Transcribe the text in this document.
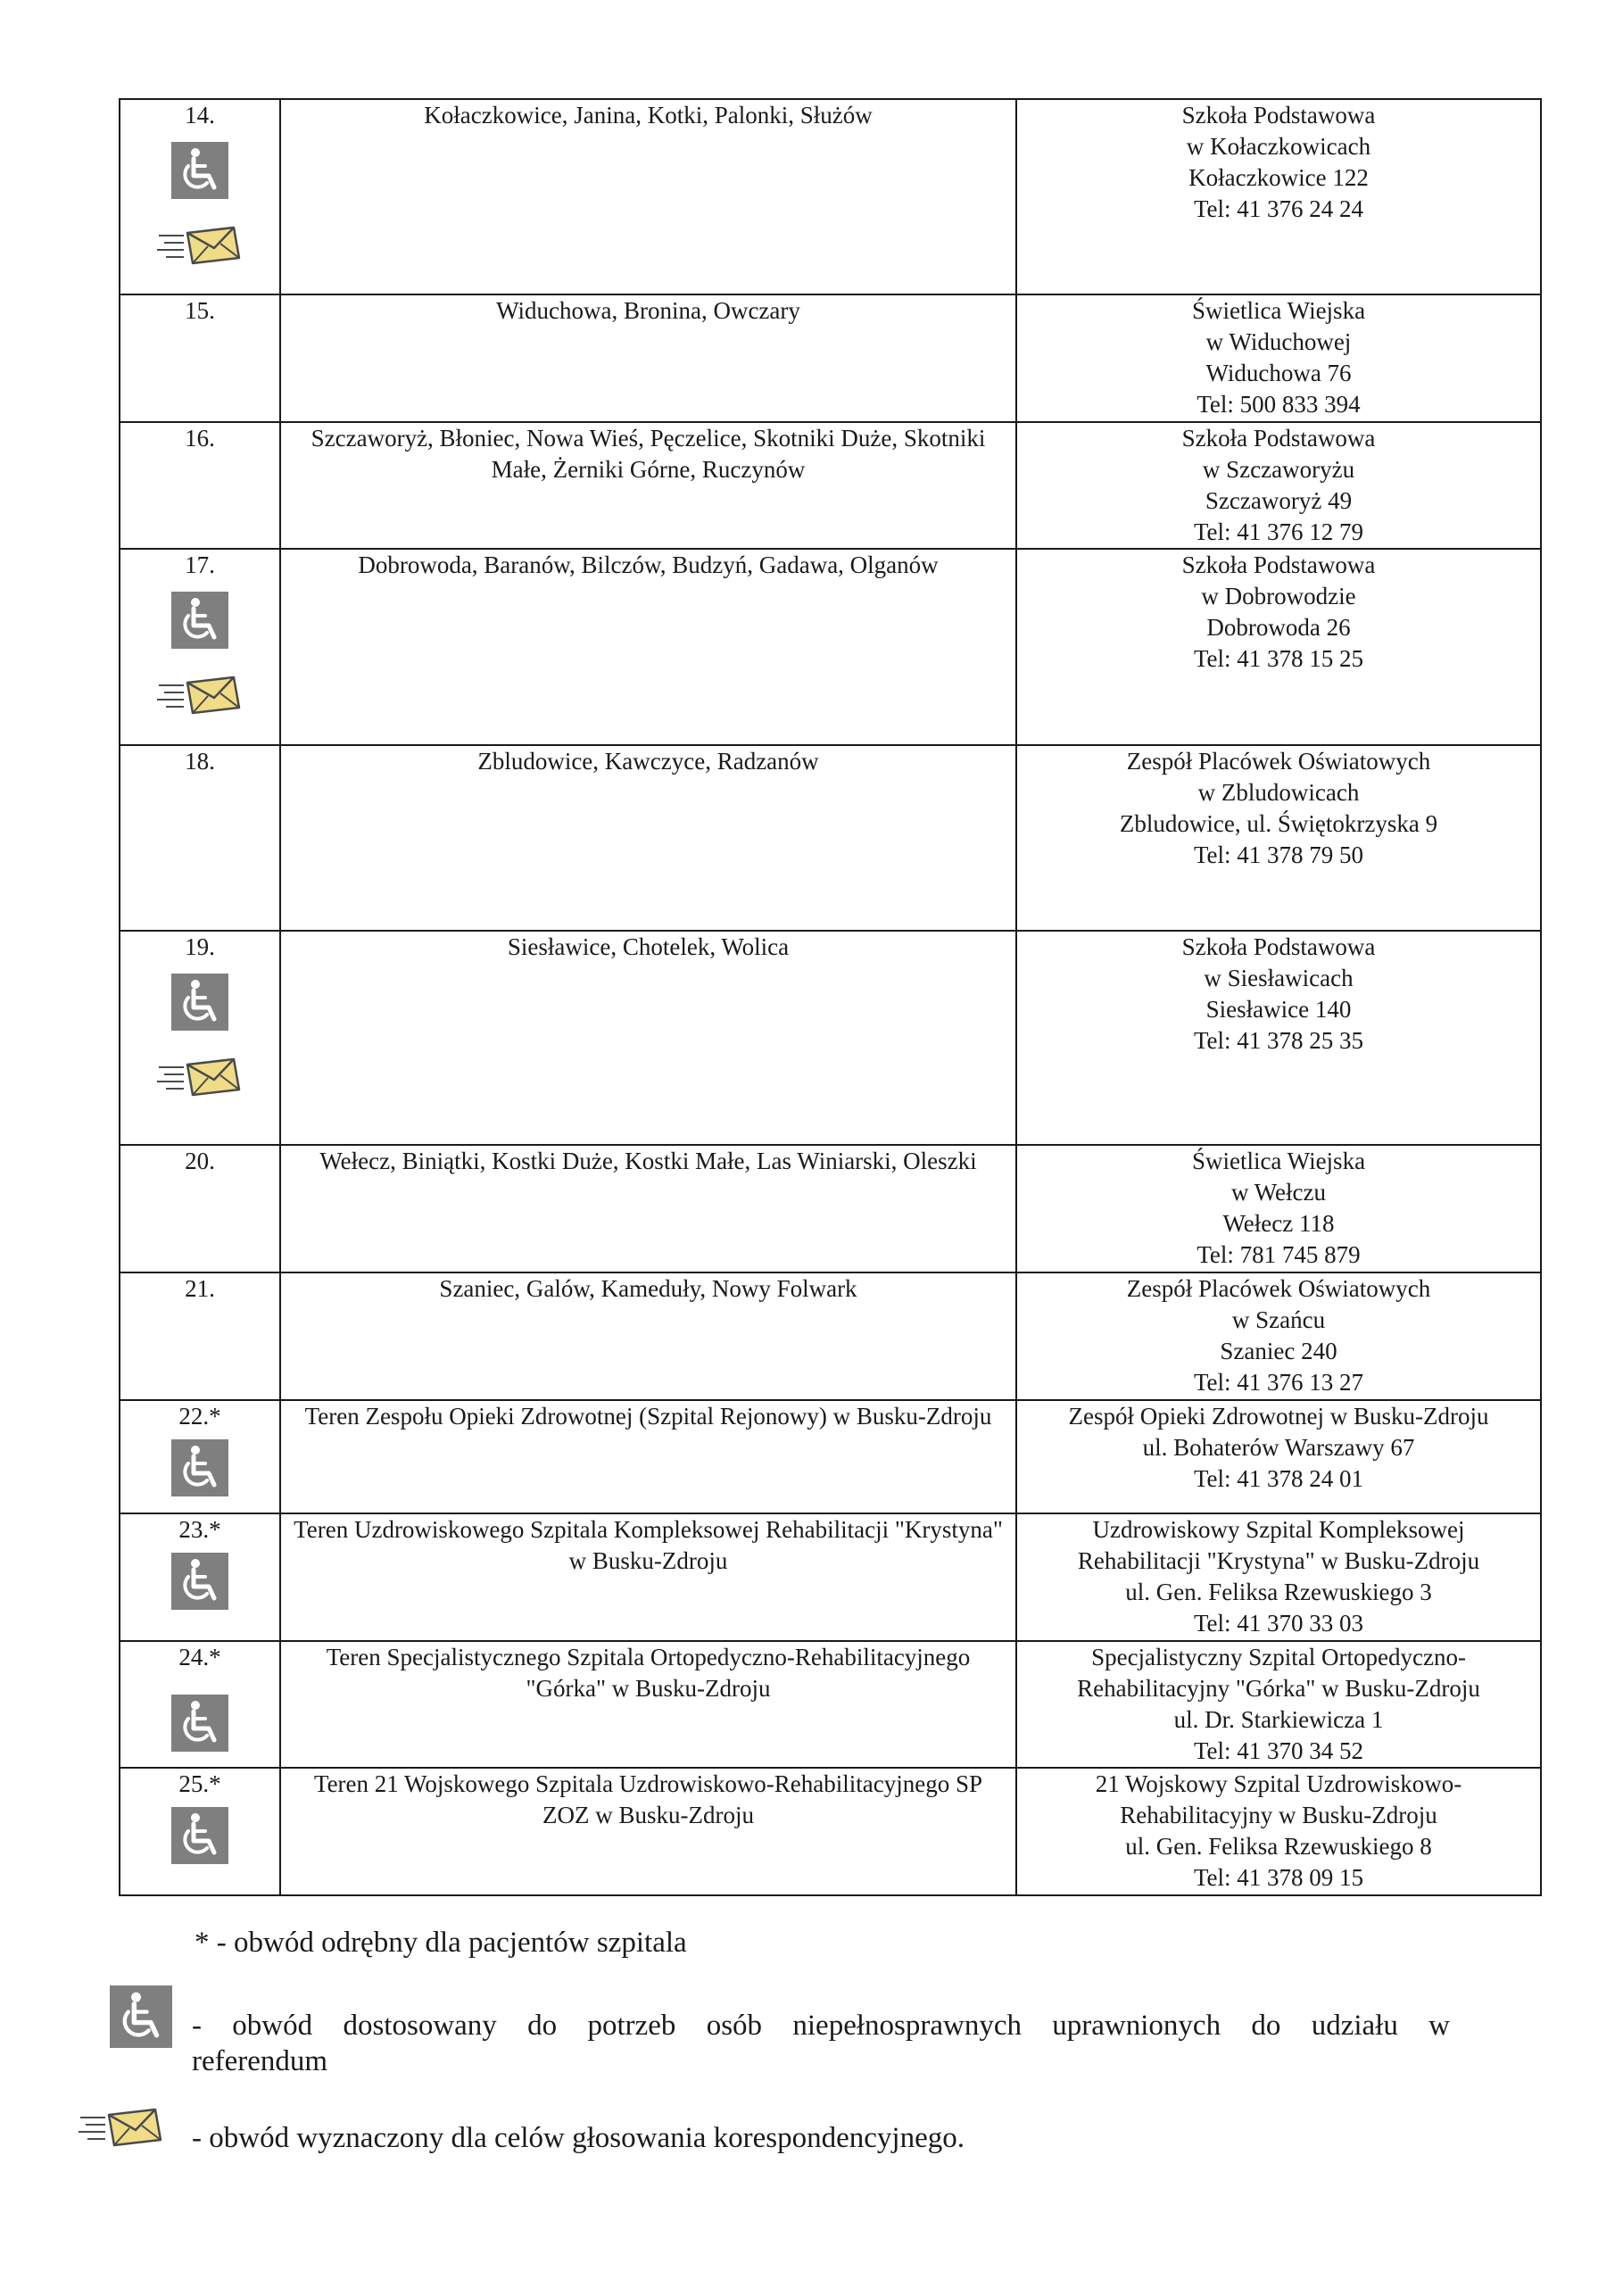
14.	Kołaczkowice, Janina, Kotki, Palonki, Służów	Szkoła Podstawowa
w Kołaczkowicach
Kołaczkowice 122
Tel: 41 376 24 24

15.	Widuchowa, Bronina, Owczary	Świetlica Wiejska
w Widuchowej
Widuchowa 76
Tel: 500 833 394

16.	Szczaworyż, Błoniec, Nowa Wieś, Pęczelice, Skotniki Duże, Skotniki Małe, Żerniki Górne, Ruczynów	Szkoła Podstawowa
w Szczaworyżu
Szczaworyż 49
Tel: 41 376 12 79

17.	Dobrowoda, Baranów, Bilczów, Budzyń, Gadawa, Olganów	Szkoła Podstawowa
w Dobrowodzie
Dobrowoda 26
Tel: 41 378 15 25

18.	Zbludowice, Kawczyce, Radzanów	Zespół Placówek Oświatowych
w Zbludowicach
Zbludowice, ul. Świętokrzyska 9
Tel: 41 378 79 50

19.	Siesławice, Chotelek, Wolica	Szkoła Podstawowa
w Siesławicach
Siesławice 140
Tel: 41 378 25 35

20.	Wełecz, Biniątki, Kostki Duże, Kostki Małe, Las Winiarski, Oleszki	Świetlica Wiejska
w Wełczu
Wełecz 118
Tel: 781 745 879

21.	Szaniec, Galów, Kameduły, Nowy Folwark	Zespół Placówek Oświatowych
w Szańcu
Szaniec 240
Tel: 41 376 13 27

22.*	Teren Zespołu Opieki Zdrowotnej (Szpital Rejonowy) w Busku-Zdroju	Zespół Opieki Zdrowotnej w Busku-Zdroju
ul. Bohaterów Warszawy 67
Tel: 41 378 24 01

23.*	Teren Uzdrowiskowego Szpitala Kompleksowej Rehabilitacji "Krystyna" w Busku-Zdroju	Uzdrowiskowy Szpital Kompleksowej
Rehabilitacji "Krystyna" w Busku-Zdroju
ul. Gen. Feliksa Rzewuskiego 3
Tel: 41 370 33 03

24.*	Teren Specjalistycznego Szpitala Ortopedyczno-Rehabilitacyjnego "Górka" w Busku-Zdroju	Specjalistyczny Szpital Ortopedyczno-
Rehabilitacyjny "Górka" w Busku-Zdroju
ul. Dr. Starkiewicza 1
Tel: 41 370 34 52

25.*	Teren 21 Wojskowego Szpitala Uzdrowiskowo-Rehabilitacyjnego SP ZOZ w Busku-Zdroju	21 Wojskowy Szpital Uzdrowiskowo-
Rehabilitacyjny w Busku-Zdroju
ul. Gen. Feliksa Rzewuskiego 8
Tel: 41 378 09 15
* - obwód odrębny dla pacjentów szpitala
- obwód dostosowany do potrzeb osób niepełnosprawnych uprawnionych do udziału w referendum
- obwód wyznaczony dla celów głosowania korespondencyjnego.
